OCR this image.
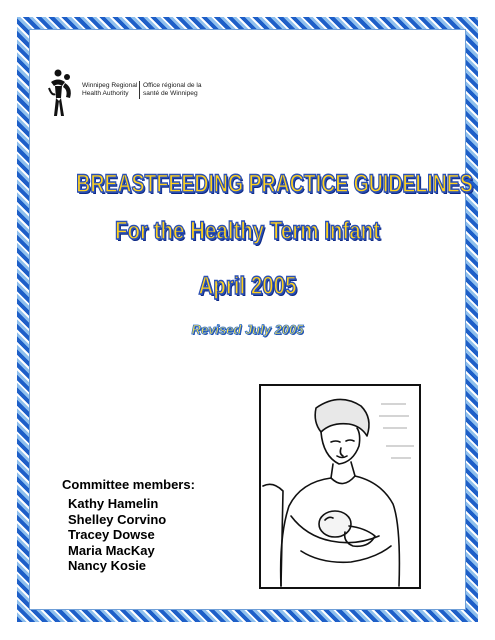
Winnipeg Regional
Health Authority
Office régional de la
santé de Winnipeg
BREASTFEEDING PRACTICE GUIDELINES
For the Healthy Term Infant
April 2005
Revised July 2005
Committee members:
Kathy Hamelin
Shelley Corvino
Tracey Dowse
Maria MacKay
Nancy Kosie
